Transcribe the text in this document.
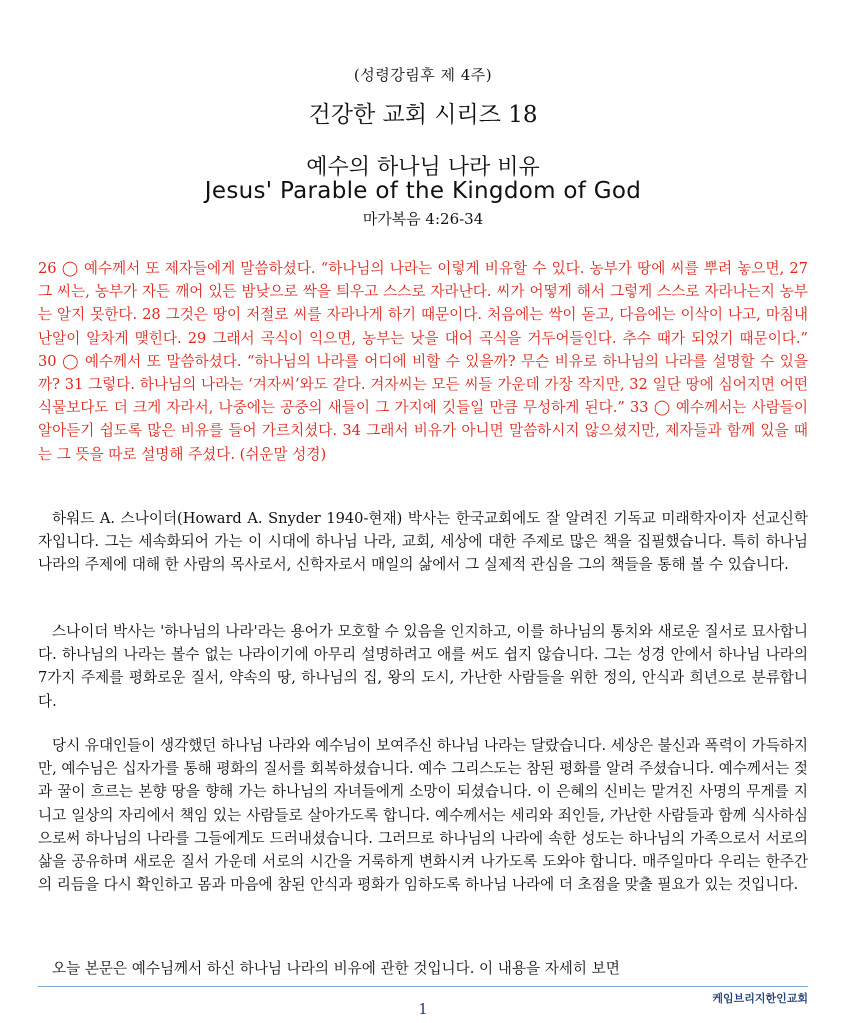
(성령강림후 제 4주)
건강한 교회 시리즈 18
예수의 하나님 나라 비유
Jesus' Parable of the Kingdom of God
마가복음 4:26-34
26 ◯ 예수께서 또 제자들에게 말씀하셨다. “하나님의 나라는 이렇게 비유할 수 있다. 농부가 땅에 씨를 뿌려 놓으면, 27 그 씨는, 농부가 자든 깨어 있든 밤낮으로 싹을 틔우고 스스로 자라난다. 씨가 어떻게 해서 그렇게 스스로 자라나는지 농부는 알지 못한다. 28 그것은 땅이 저절로 씨를 자라나게 하기 때문이다. 처음에는 싹이 돋고, 다음에는 이삭이 나고, 마침내 난알이 알차게 맺힌다. 29 그래서 곡식이 익으면, 농부는 낫을 대어 곡식을 거두어들인다. 추수 때가 되었기 때문이다.” 30 ◯ 예수께서 또 말씀하셨다. “하나님의 나라를 어디에 비할 수 있을까? 무슨 비유로 하나님의 나라를 설명할 수 있을까? 31 그렇다. 하나님의 나라는 ‘겨자씨’와도 같다. 겨자씨는 모든 씨들 가운데 가장 작지만, 32 일단 땅에 심어지면 어떤 식물보다도 더 크게 자라서, 나중에는 공중의 새들이 그 가지에 깃들일 만큼 무성하게 된다.” 33 ◯ 예수께서는 사람들이 알아듣기 쉽도록 많은 비유를 들어 가르치셨다. 34 그래서 비유가 아니면 말씀하시지 않으셨지만, 제자들과 함께 있을 때는 그 뜻을 따로 설명해 주셨다. (쉬운말 성경)
하워드 A. 스나이더(Howard A. Snyder 1940-현재) 박사는 한국교회에도 잘 알려진 기독교 미래학자이자 선교신학자입니다. 그는 세속화되어 가는 이 시대에 하나님 나라, 교회, 세상에 대한 주제로 많은 책을 집필했습니다. 특히 하나님 나라의 주제에 대해 한 사람의 목사로서, 신학자로서 매일의 삶에서 그 실제적 관심을 그의 책들을 통해 볼 수 있습니다.
스나이더 박사는 '하나님의 나라'라는 용어가 모호할 수 있음을 인지하고, 이를 하나님의 통치와 새로운 질서로 묘사합니다. 하나님의 나라는 볼수 없는 나라이기에 아무리 설명하려고 애를 써도 쉽지 않습니다. 그는 성경 안에서 하나님 나라의 7가지 주제를 평화로운 질서, 약속의 땅, 하나님의 집, 왕의 도시, 가난한 사람들을 위한 정의, 안식과 희년으로 분류합니다.
당시 유대인들이 생각했던 하나님 나라와 예수님이 보여주신 하나님 나라는 달랐습니다. 세상은 불신과 폭력이 가득하지만, 예수님은 십자가를 통해 평화의 질서를 회복하셨습니다. 예수 그리스도는 참된 평화를 알려 주셨습니다. 예수께서는 젖과 꿀이 흐르는 본향 땅을 향해 가는 하나님의 자녀들에게 소망이 되셨습니다. 이 은혜의 신비는 맡겨진 사명의 무게를 지니고 일상의 자리에서 책임 있는 사람들로 살아가도록 합니다. 예수께서는 세리와 죄인들, 가난한 사람들과 함께 식사하심으로써 하나님의 나라를 그들에게도 드러내셨습니다. 그러므로 하나님의 나라에 속한 성도는 하나님의 가족으로서 서로의 삶을 공유하며 새로운 질서 가운데 서로의 시간을 거룩하게 변화시켜 나가도록 도와야 합니다. 매주일마다 우리는 한주간의 리듬을 다시 확인하고 몸과 마음에 참된 안식과 평화가 임하도록 하나님 나라에 더 초점을 맞출 필요가 있는 것입니다.
오늘 본문은 예수님께서 하신 하나님 나라의 비유에 관한 것입니다. 이 내용을 자세히 보면
케임브리지한인교회
1
